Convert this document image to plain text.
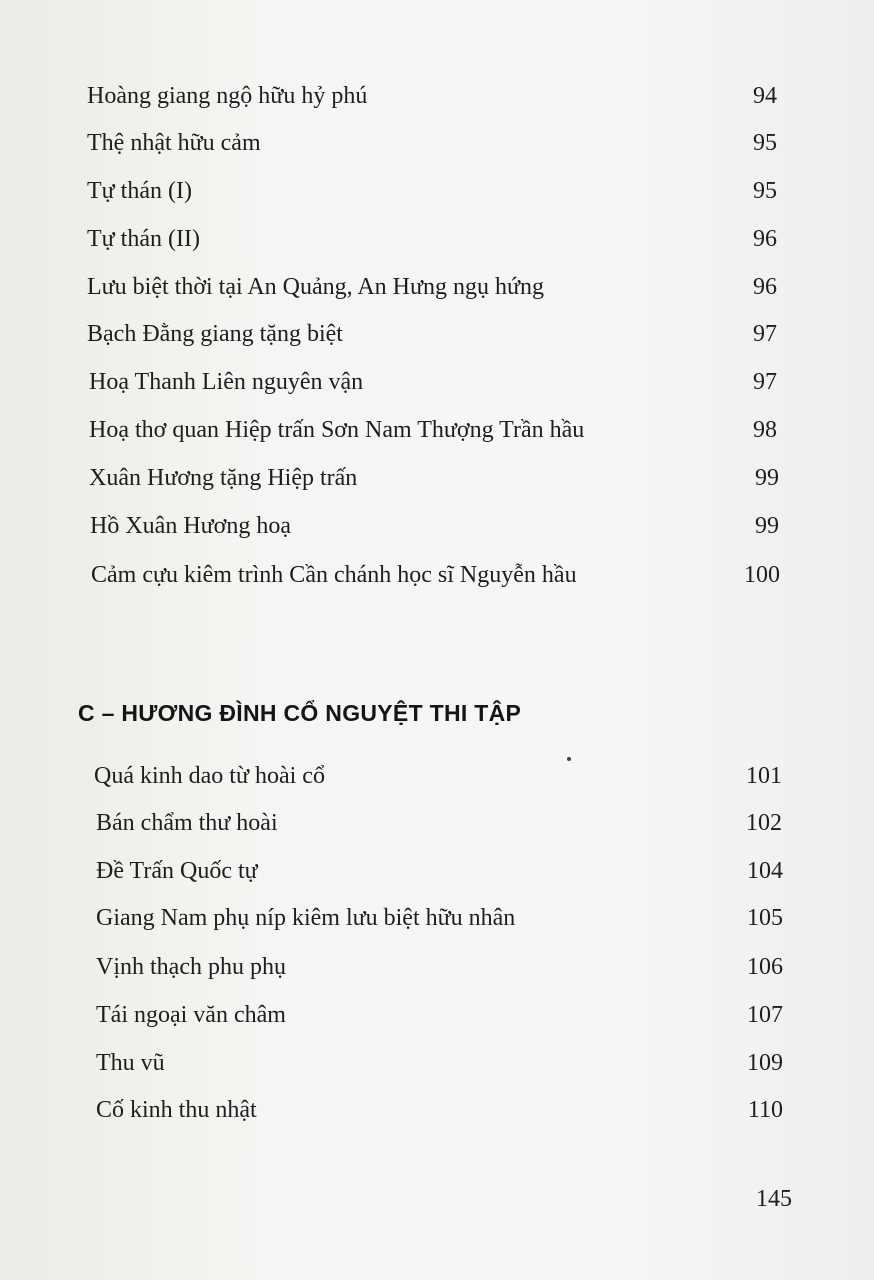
Hoàng giang ngộ hữu hỷ phú	94
Thệ nhật hữu cảm	95
Tự thán (I)	95
Tự thán (II)	96
Lưu biệt thời tại An Quảng, An Hưng ngụ hứng	96
Bạch Đằng giang tặng biệt	97
Hoạ Thanh Liên nguyên vận	97
Hoạ thơ quan Hiệp trấn Sơn Nam Thượng Trần hầu	98
Xuân Hương tặng Hiệp trấn	99
Hồ Xuân Hương hoạ	99
Cảm cựu kiêm trình Cần chánh học sĩ Nguyễn hầu	100
C – HƯƠNG ĐÌNH CỔ NGUYỆT THI TẬP
Quá kinh dao từ hoài cổ	101
Bán chẩm thư hoài	102
Đề Trấn Quốc tự	104
Giang Nam phụ níp kiêm lưu biệt hữu nhân	105
Vịnh thạch phu phụ	106
Tái ngoại văn châm	107
Thu vũ	109
Cố kinh thu nhật	110
145
